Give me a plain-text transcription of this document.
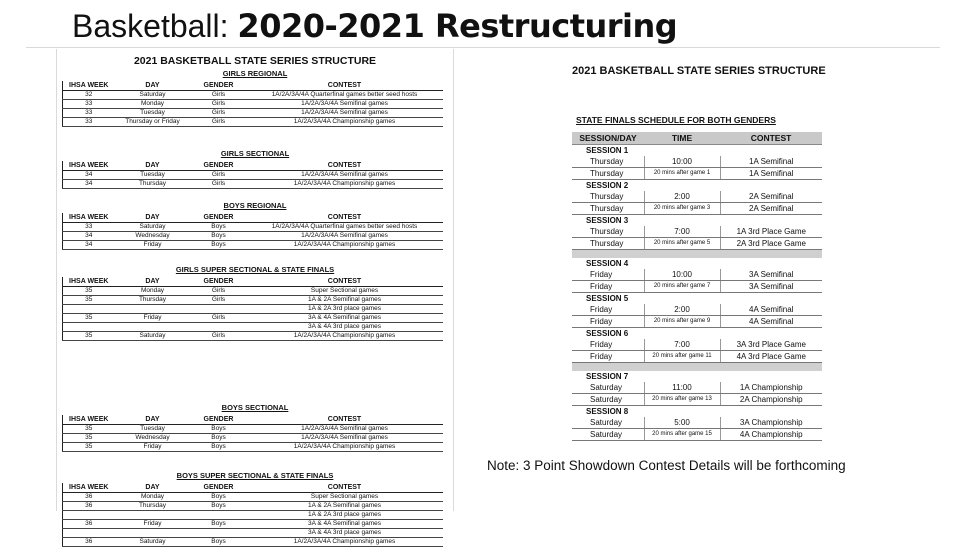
Basketball: 2020-2021 Restructuring
2021 BASKETBALL STATE SERIES STRUCTURE
GIRLS REGIONAL
IHSA WEEK	DAY	GENDER	CONTEST
32	Saturday	Girls	1A/2A/3A/4A Quarterfinal games better seed hosts
33	Monday	Girls	1A/2A/3A/4A Semifinal games
33	Tuesday	Girls	1A/2A/3A/4A Semifinal games
33	Thursday or Friday	Girls	1A/2A/3A/4A Championship games
GIRLS SECTIONAL
IHSA WEEK	DAY	GENDER	CONTEST
34	Tuesday	Girls	1A/2A/3A/4A Semifinal games
34	Thursday	Girls	1A/2A/3A/4A Championship games
BOYS REGIONAL
IHSA WEEK	DAY	GENDER	CONTEST
33	Saturday	Boys	1A/2A/3A/4A Quarterfinal games better seed hosts
34	Wednesday	Boys	1A/2A/3A/4A Semifinal games
34	Friday	Boys	1A/2A/3A/4A Championship games
GIRLS SUPER SECTIONAL & STATE FINALS
IHSA WEEK	DAY	GENDER	CONTEST
35	Monday	Girls	Super Sectional games
35	Thursday	Girls	1A & 2A Semifinal games
			1A & 2A 3rd place games
35	Friday	Girls	3A & 4A Semifinal games
			3A & 4A 3rd place games
35	Saturday	Girls	1A/2A/3A/4A Championship games
BOYS SECTIONAL
IHSA WEEK	DAY	GENDER	CONTEST
35	Tuesday	Boys	1A/2A/3A/4A Semifinal games
35	Wednesday	Boys	1A/2A/3A/4A Semifinal games
35	Friday	Boys	1A/2A/3A/4A Championship games
BOYS SUPER SECTIONAL & STATE FINALS
IHSA WEEK	DAY	GENDER	CONTEST
36	Monday	Boys	Super Sectional games
36	Thursday	Boys	1A & 2A Semifinal games
			1A & 2A 3rd place games
36	Friday	Boys	3A & 4A Semifinal games
			3A & 4A 3rd place games
36	Saturday	Boys	1A/2A/3A/4A Championship games
2021 BASKETBALL STATE SERIES STRUCTURE
STATE FINALS SCHEDULE FOR BOTH GENDERS
SESSION/DAY	TIME	CONTEST
SESSION 1		
Thursday	10:00	1A Semifinal
Thursday	20 mins after game 1	1A Semifinal
SESSION 2		
Thursday	2:00	2A Semifinal
Thursday	20 mins after game 3	2A Semifinal
SESSION 3		
Thursday	7:00	1A 3rd Place Game
Thursday	20 mins after game 5	2A 3rd Place Game

SESSION 4		
Friday	10:00	3A Semifinal
Friday	20 mins after game 7	3A Semifinal
SESSION 5		
Friday	2:00	4A Semifinal
Friday	20 mins after game 9	4A Semifinal
SESSION 6		
Friday	7:00	3A 3rd Place Game
Friday	20 mins after game 11	4A 3rd Place Game

SESSION 7		
Saturday	11:00	1A Championship
Saturday	20 mins after game 13	2A Championship
SESSION 8		
Saturday	5:00	3A Championship
Saturday	20 mins after game 15	4A Championship
Note: 3 Point Showdown Contest Details will be forthcoming
